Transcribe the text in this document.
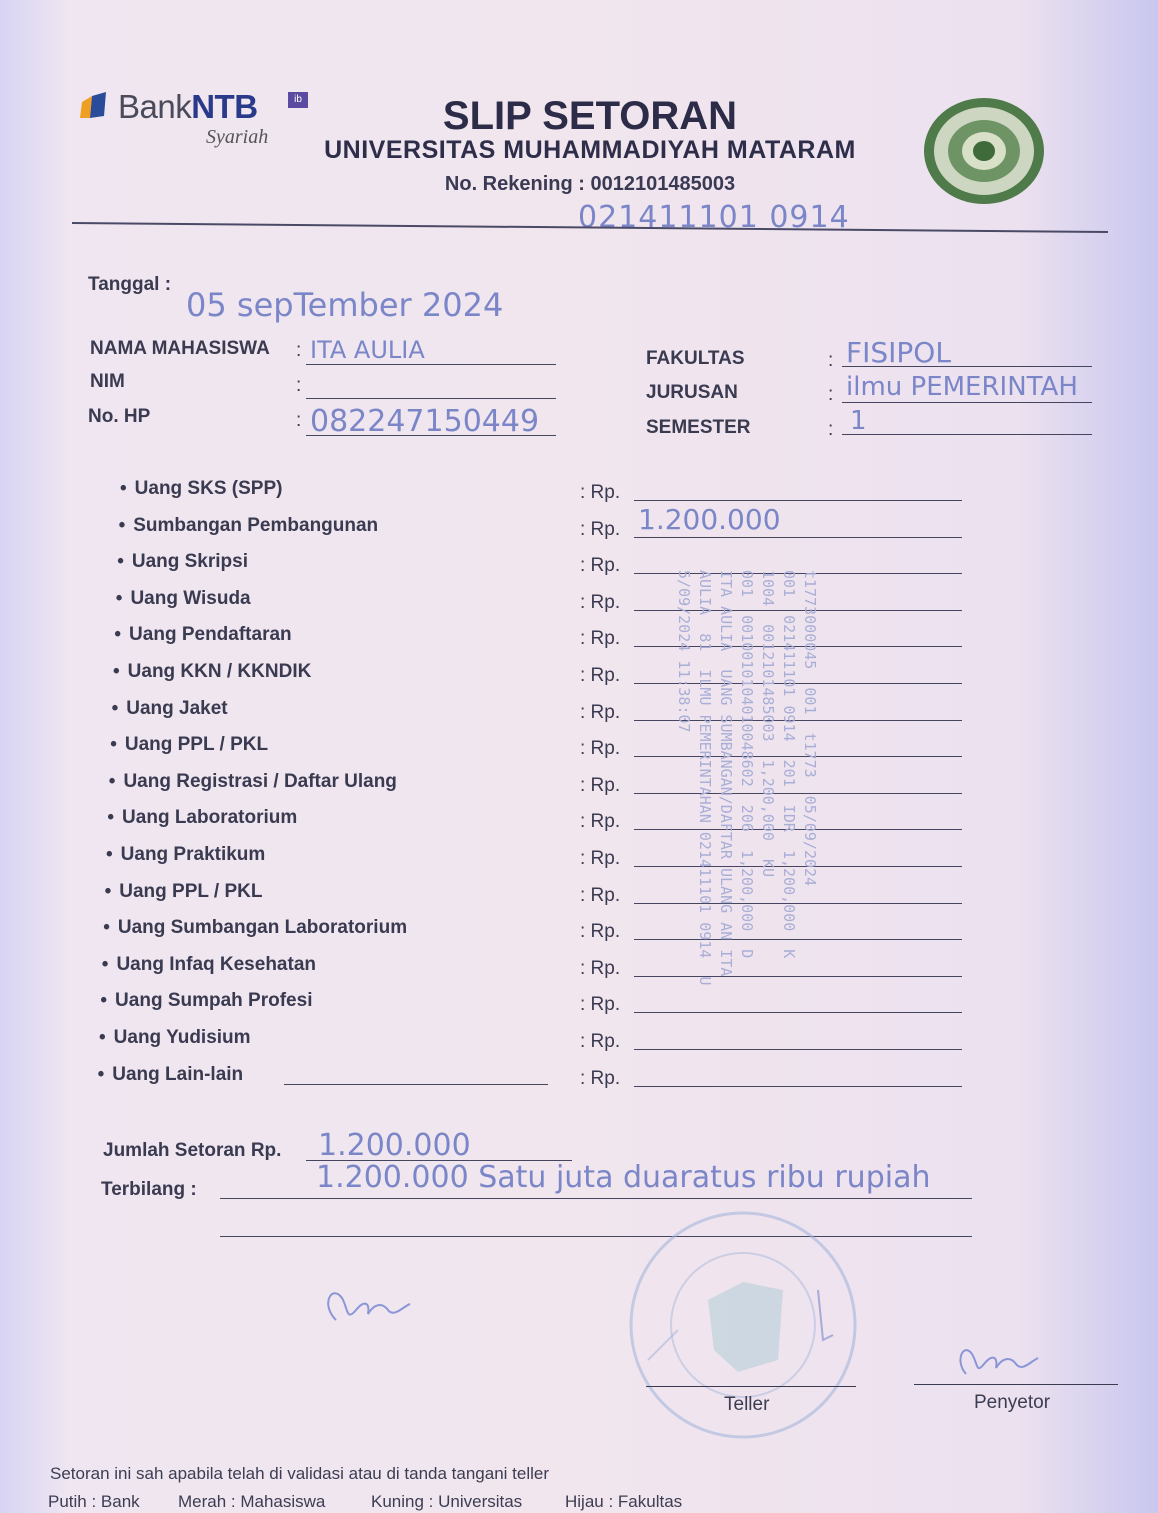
BankNTB	ib
Syariah	SLIP SETORAN
UNIVERSITAS MUHAMMADIYAH MATARAM
No. Rekening : 0012101485003
021411101 0914
Tanggal :
05 sepTember 2024
NAMA MAHASISWA : ITA AULIA
NIM	:
No. HP	: 082247150449
FAKULTAS	: FISIPOL
JURUSAN	: ilmu PEMERINTAH
SEMESTER	: 1
• Uang SKS (SPP)	: Rp.
• Sumbangan Pembangunan	: Rp. 1.200.000
• Uang Skripsi	: Rp.
• Uang Wisuda	: Rp.
• Uang Pendaftaran	: Rp.
• Uang KKN / KKNDIK	: Rp.
• Uang Jaket	: Rp.
• Uang PPL / PKL	: Rp.
• Uang Registrasi / Daftar Ulang	: Rp.
• Uang Laboratorium	: Rp.
• Uang Praktikum	: Rp.
• Uang PPL / PKL	: Rp.
• Uang Sumbangan Laboratorium	: Rp.
• Uang Infaq Kesehatan	: Rp.
• Uang Sumpah Profesi	: Rp.
• Uang Yudisium	: Rp.
• Uang Lain-lain	: Rp.
t1773000045  001  t1773  05/09/2024
001  021411101 0914  201  IDR  1,200,000  K
1004  0012101485003  1,200,000  KU
001  0010010104010048602  206  1,200,000  D
ITA AULIA  UANG SUMBANGAN/DAFTAR ULANG AN ITA
AULIA  81  ILMU PEMERINTAHAN 021411101 0914  U
5/09/2024 11:38:07
Jumlah Setoran Rp. 1.200.000
Terbilang :	1.200.000 Satu juta duaratus ribu rupiah
Teller	Penyetor
Setoran ini sah apabila telah di validasi atau di tanda tangani teller
Putih : Bank Merah : Mahasiswa	Kuning : Universitas	Hijau : Fakultas
